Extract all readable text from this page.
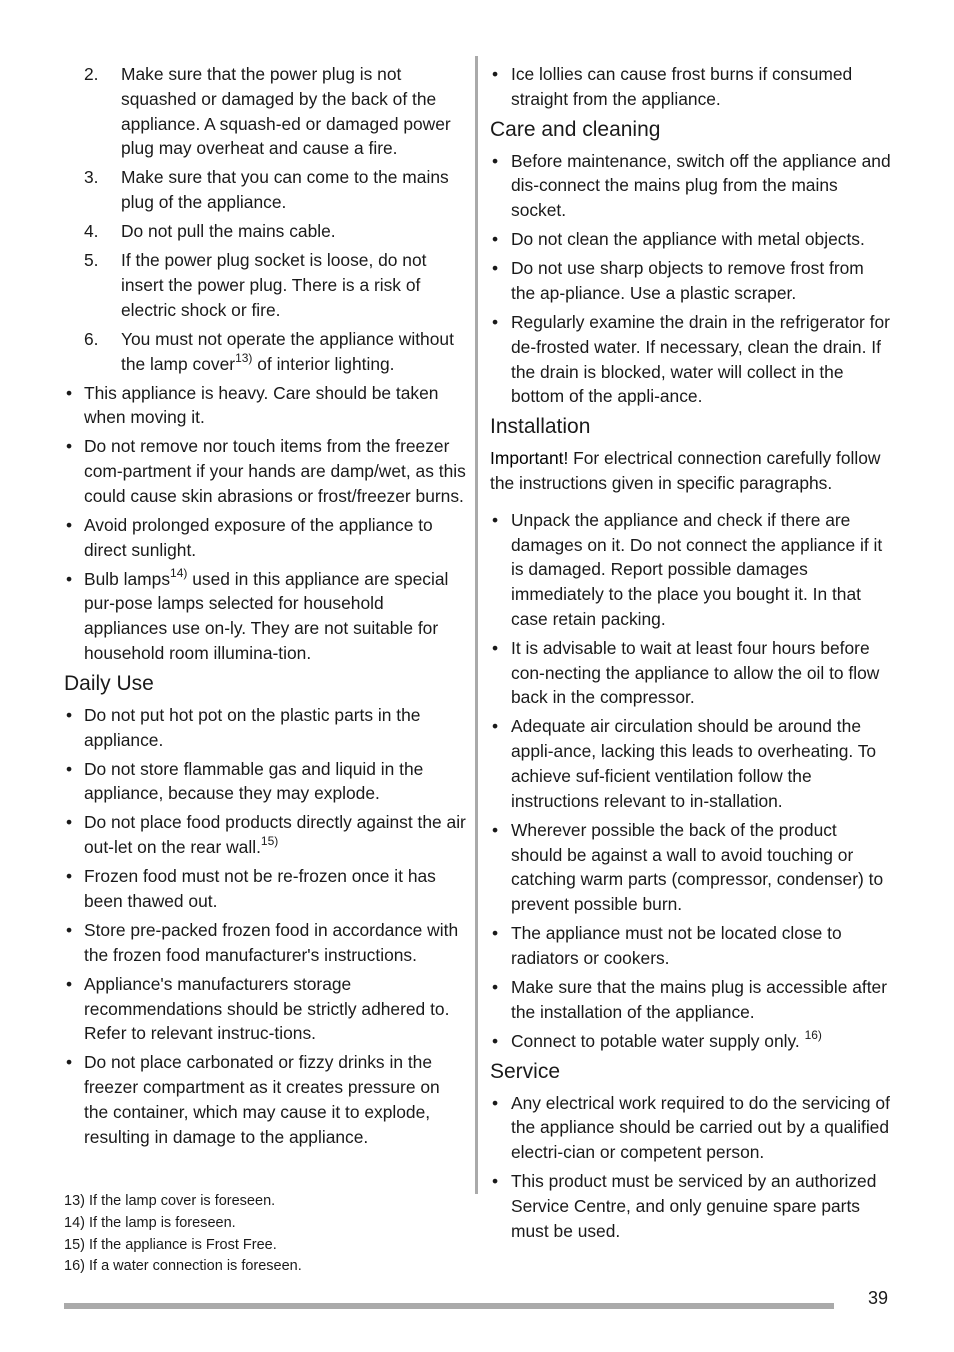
2. Make sure that the power plug is not squashed or damaged by the back of the appliance. A squash-ed or damaged power plug may overheat and cause a fire.
3. Make sure that you can come to the mains plug of the appliance.
4. Do not pull the mains cable.
5. If the power plug socket is loose, do not insert the power plug. There is a risk of electric shock or fire.
6. You must not operate the appliance without the lamp cover$^{13)}$ of interior lighting.
• This appliance is heavy. Care should be taken when moving it.
• Do not remove nor touch items from the freezer com-partment if your hands are damp/wet, as this could cause skin abrasions or frost/freezer burns.
• Avoid prolonged exposure of the appliance to direct sunlight.
• Bulb lamps$^{14)}$ used in this appliance are special pur-pose lamps selected for household appliances use on-ly. They are not suitable for household room illumina-tion.
Daily Use
• Do not put hot pot on the plastic parts in the appliance.
• Do not store flammable gas and liquid in the appliance, because they may explode.
• Do not place food products directly against the air out-let on the rear wall.$^{15)}$
• Frozen food must not be re-frozen once it has been thawed out.
• Store pre-packed frozen food in accordance with the frozen food manufacturer's instructions.
• Appliance's manufacturers storage recommendations should be strictly adhered to. Refer to relevant instruc-tions.
• Do not place carbonated or fizzy drinks in the freezer compartment as it creates pressure on the container, which may cause it to explode, resulting in damage to the appliance.
• Ice lollies can cause frost burns if consumed straight from the appliance.
Care and cleaning
• Before maintenance, switch off the appliance and dis-connect the mains plug from the mains socket.
• Do not clean the appliance with metal objects.
• Do not use sharp objects to remove frost from the ap-pliance. Use a plastic scraper.
• Regularly examine the drain in the refrigerator for de-frosted water. If necessary, clean the drain. If the drain is blocked, water will collect in the bottom of the appli-ance.
Installation
Important! For electrical connection carefully follow the instructions given in specific paragraphs.
• Unpack the appliance and check if there are damages on it. Do not connect the appliance if it is damaged. Report possible damages immediately to the place you bought it. In that case retain packing.
• It is advisable to wait at least four hours before con-necting the appliance to allow the oil to flow back in the compressor.
• Adequate air circulation should be around the appli-ance, lacking this leads to overheating. To achieve suf-ficient ventilation follow the instructions relevant to in-stallation.
• Wherever possible the back of the product should be against a wall to avoid touching or catching warm parts (compressor, condenser) to prevent possible burn.
• The appliance must not be located close to radiators or cookers.
• Make sure that the mains plug is accessible after the installation of the appliance.
• Connect to potable water supply only. $^{16)}$
Service
• Any electrical work required to do the servicing of the appliance should be carried out by a qualified electri-cian or competent person.
• This product must be serviced by an authorized Service Centre, and only genuine spare parts must be used.
13) If the lamp cover is foreseen.
14) If the lamp is foreseen.
15) If the appliance is Frost Free.
16) If a water connection is foreseen.
39
